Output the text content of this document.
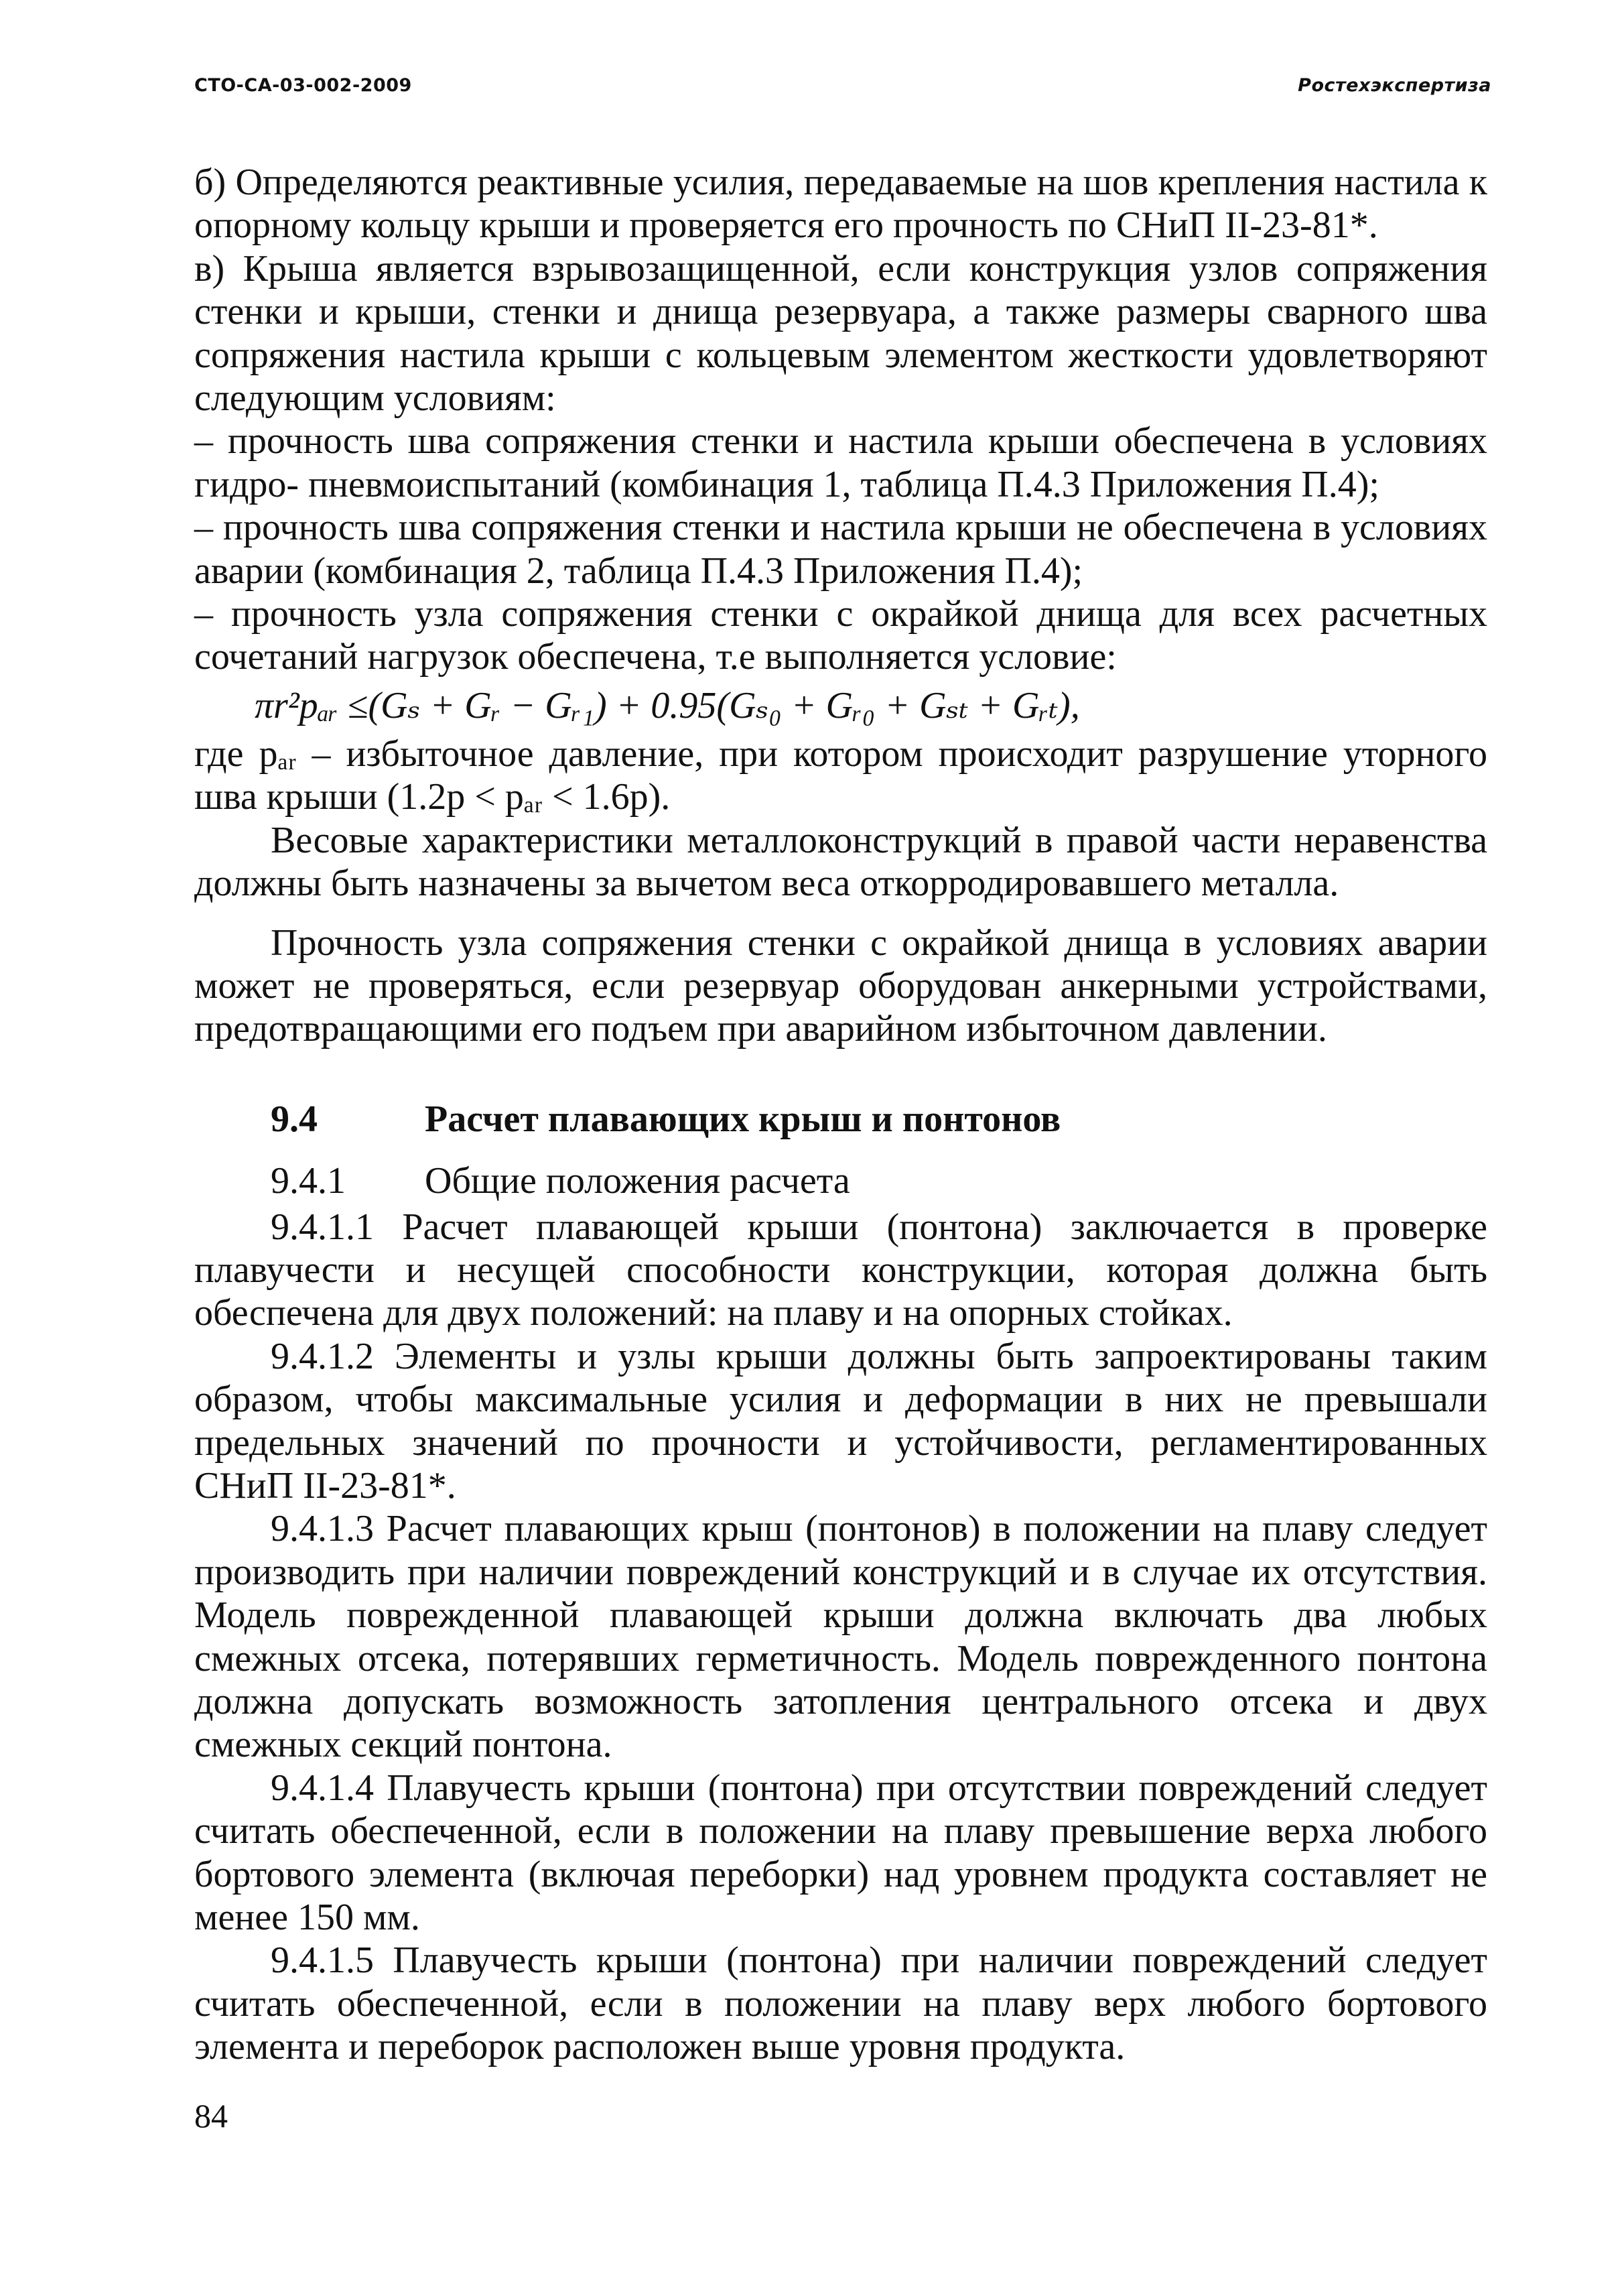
СТО-СА-03-002-2009	Ростехэкспертиза

б) Определяются реактивные усилия, передаваемые на шов крепления настила к опорному кольцу крыши и проверяется его прочность по СНиП II-23-81*.

в) Крыша является взрывозащищенной, если конструкция узлов сопряжения стенки и крыши, стенки и днища резервуара, а также размеры сварного шва сопряжения настила крыши с кольцевым элементом жесткости удовлетворяют следующим условиям:

– прочность шва сопряжения стенки и настила крыши обеспечена в условиях гидро- пневмоиспытаний (комбинация 1, таблица П.4.3 Приложения П.4);

– прочность шва сопряжения стенки и настила крыши не обеспечена в условиях аварии (комбинация 2, таблица П.4.3 Приложения П.4);

– прочность узла сопряжения стенки с окрайкой днища для всех расчетных сочетаний нагрузок обеспечена, т.е выполняется условие:

πr²pₐᵣ ≤(Gₛ + Gᵣ − Gᵣ₁) + 0.95(Gₛ₀ + Gᵣ₀ + Gₛₜ + Gᵣₜ),

где pₐᵣ – избыточное давление, при котором происходит разрушение уторного шва крыши (1.2p < pₐᵣ < 1.6p).

Весовые характеристики металлоконструкций в правой части неравенства должны быть назначены за вычетом веса откорродировавшего металла.

Прочность узла сопряжения стенки с окрайкой днища в условиях аварии может не проверяться, если резервуар оборудован анкерными устройствами, предотвращающими его подъем при аварийном избыточном давлении.

9.4	Расчет плавающих крыш и понтонов

9.4.1	Общие положения расчета

9.4.1.1 Расчет плавающей крыши (понтона) заключается в проверке плавучести и несущей способности конструкции, которая должна быть обеспечена для двух положений: на плаву и на опорных стойках.

9.4.1.2 Элементы и узлы крыши должны быть запроектированы таким образом, чтобы максимальные усилия и деформации в них не превышали предельных значений по прочности и устойчивости, регламентированных СНиП II-23-81*.

9.4.1.3 Расчет плавающих крыш (понтонов) в положении на плаву следует производить при наличии повреждений конструкций и в случае их отсутствия. Модель поврежденной плавающей крыши должна включать два любых смежных отсека, потерявших герметичность. Модель поврежденного понтона должна допускать возможность затопления центрального отсека и двух смежных секций понтона.

9.4.1.4 Плавучесть крыши (понтона) при отсутствии повреждений следует считать обеспеченной, если в положении на плаву превышение верха любого бортового элемента (включая переборки) над уровнем продукта составляет не менее 150 мм.

9.4.1.5 Плавучесть крыши (понтона) при наличии повреждений следует считать обеспеченной, если в положении на плаву верх любого бортового элемента и переборок расположен выше уровня продукта.

84
